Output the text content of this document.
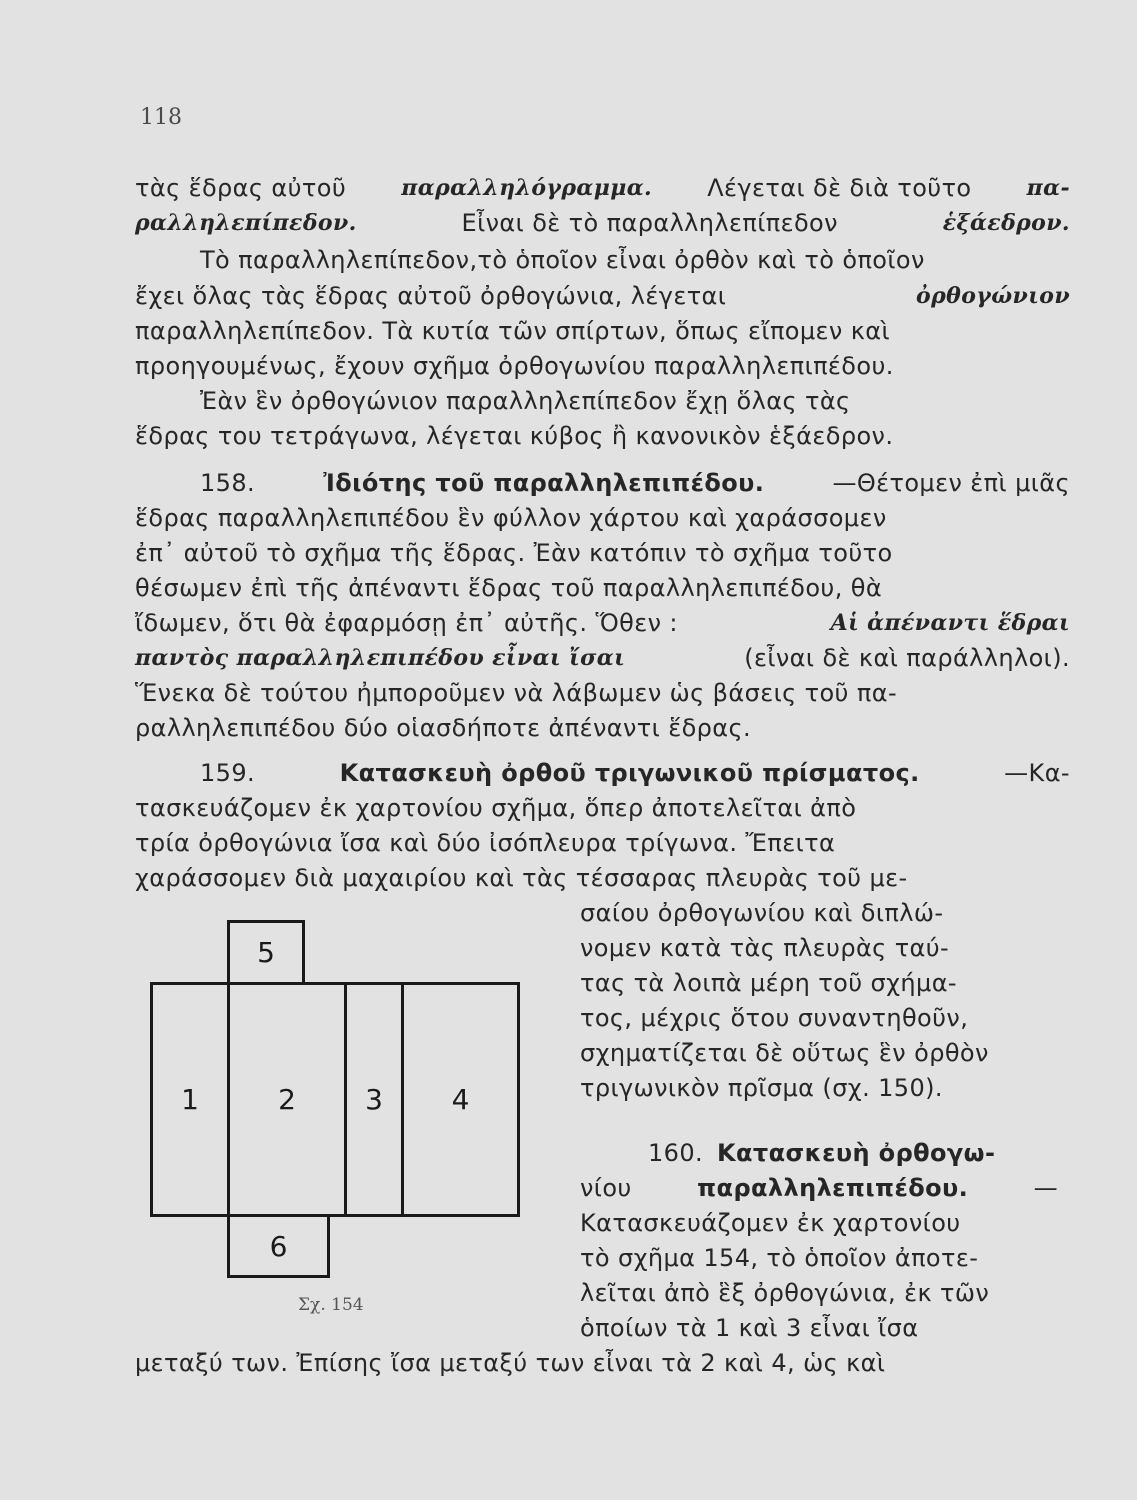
118
τὰς ἕδρας αὐτοῦ	παραλληλόγραμμα. Λέγεται δὲ διὰ τοῦτο	πα-
ραλληλεπίπεδον.	Εἶναι δὲ τὸ παραλληλεπίπεδον	ἑξάεδρον.
Τὸ παραλληλεπίπεδον,τὸ ὁποῖον εἶναι ὀρθὸν καὶ τὸ ὁποῖον
ἔχει ὅλας τὰς ἕδρας αὐτοῦ ὀρθογώνια, λέγεται	ὀρθογώνιον
παραλληλεπίπεδον. Τὰ κυτία τῶν σπίρτων, ὅπως εἴπομεν καὶ
προηγουμένως, ἔχουν σχῆμα ὀρθογωνίου παραλληλεπιπέδου.
Ἐὰν ἓν ὀρθογώνιον παραλληλεπίπεδον ἔχῃ ὅλας τὰς
ἕδρας του τετράγωνα, λέγεται κύβος ἢ κανονικὸν ἑξάεδρον.
158.	Ἰδιότης τοῦ παραλληλεπιπέδου.	—Θέτομεν ἐπὶ μιᾶς
ἕδρας παραλληλεπιπέδου ἓν φύλλον χάρτου καὶ χαράσσομεν
ἐπ᾽ αὐτοῦ τὸ σχῆμα τῆς ἕδρας. Ἐὰν κατόπιν τὸ σχῆμα τοῦτο
θέσωμεν ἐπὶ τῆς ἀπέναντι ἕδρας τοῦ παραλληλεπιπέδου, θὰ
ἴδωμεν, ὅτι θὰ ἐφαρμόσῃ ἐπ᾽ αὐτῆς. Ὅθεν :	Αἱ ἀπέναντι ἕδραι
παντὸς παραλληλεπιπέδου εἶναι ἴσαι	(εἶναι δὲ καὶ παράλληλοι).
Ἕνεκα δὲ τούτου ἠμποροῦμεν νὰ λάβωμεν ὡς βάσεις τοῦ πα-
ραλληλεπιπέδου δύο οἱασδήποτε ἀπέναντι ἕδρας.
159.	Κατασκευὴ ὀρθοῦ τριγωνικοῦ πρίσματος.	—Κα-
τασκευάζομεν ἐκ χαρτονίου σχῆμα, ὅπερ ἀποτελεῖται ἀπὸ
τρία ὀρθογώνια ἴσα καὶ δύο ἰσόπλευρα τρίγωνα. Ἔπειτα
χαράσσομεν διὰ μαχαιρίου καὶ τὰς τέσσαρας πλευρὰς τοῦ με-
σαίου ὀρθογωνίου καὶ διπλώ-
νομεν κατὰ τὰς πλευρὰς ταύ-
τας τὰ λοιπὰ μέρη τοῦ σχήμα-
τος, μέχρις ὅτου συναντηθοῦν,
σχηματίζεται δὲ οὕτως ἓν ὀρθὸν
τριγωνικὸν πρῖσμα (σχ. 150).
160. Κατασκευὴ ὀρθογω-
νίου	παραλληλεπιπέδου.	—
Κατασκευάζομεν ἐκ χαρτονίου
τὸ σχῆμα 154, τὸ ὁποῖον ἀποτε-
λεῖται ἀπὸ ἓξ ὀρθογώνια, ἐκ τῶν
ὁποίων τὰ 1 καὶ 3 εἶναι ἴσα
μεταξύ των. Ἐπίσης ἴσα μεταξύ των εἶναι τὰ 2 καὶ 4, ὡς καὶ
5
1	2	3	4
6
Σχ. 154
